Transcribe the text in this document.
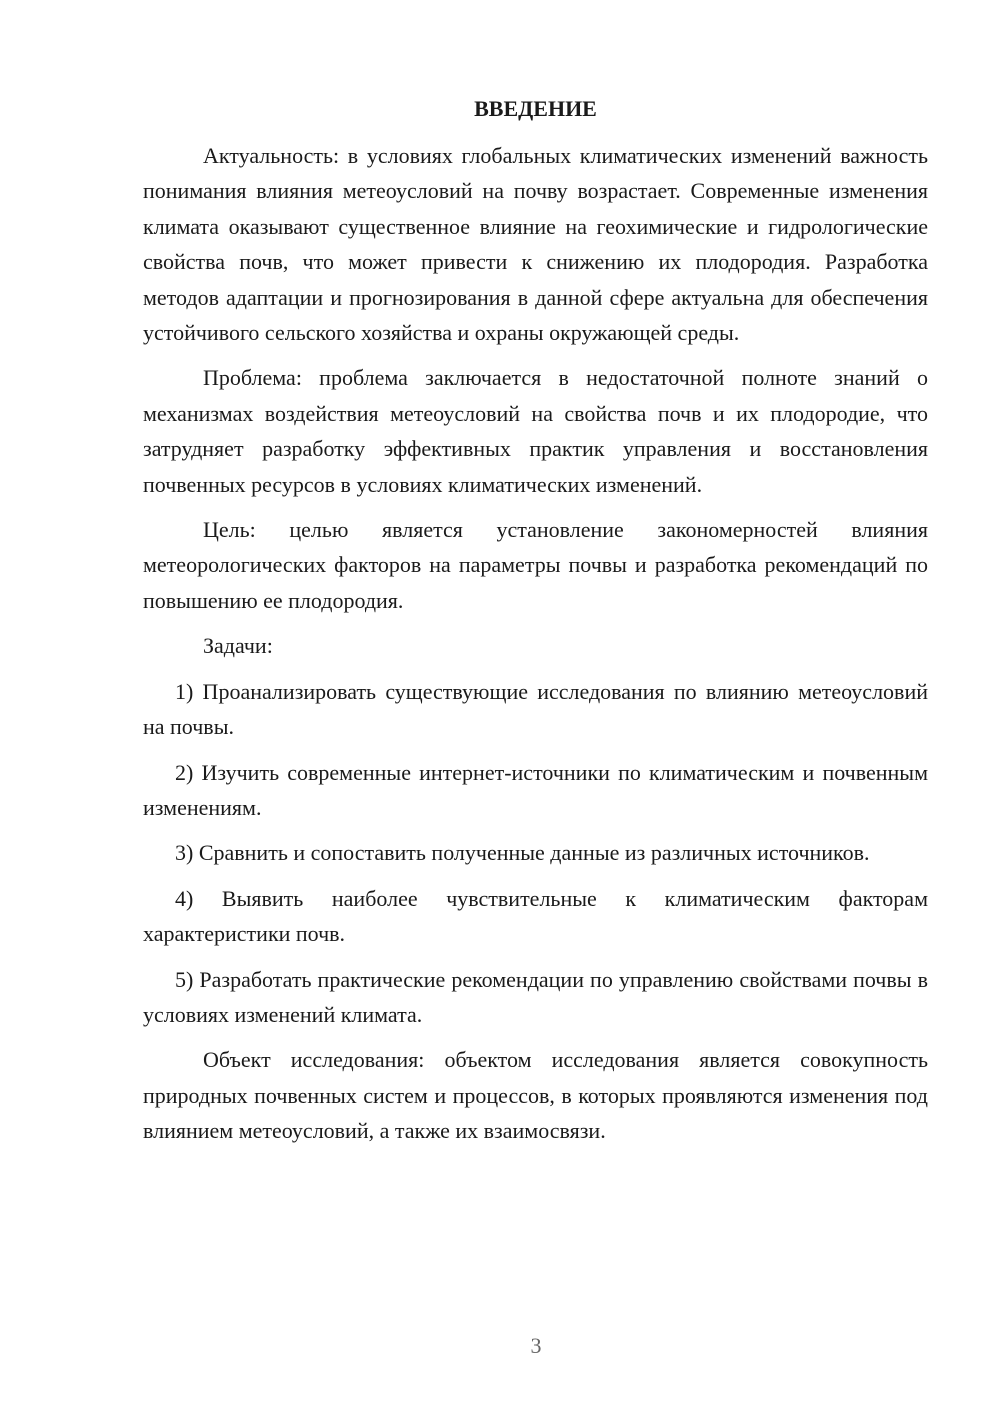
ВВЕДЕНИЕ

Актуальность: в условиях глобальных климатических изменений важность понимания влияния метеоусловий на почву возрастает. Современные изменения климата оказывают существенное влияние на геохимические и гидрологические свойства почв, что может привести к снижению их плодородия. Разработка методов адаптации и прогнозирования в данной сфере актуальна для обеспечения устойчивого сельского хозяйства и охраны окружающей среды.

Проблема: проблема заключается в недостаточной полноте знаний о механизмах воздействия метеоусловий на свойства почв и их плодородие, что затрудняет разработку эффективных практик управления и восстановления почвенных ресурсов в условиях климатических изменений.

Цель: целью является установление закономерностей влияния метеорологических факторов на параметры почвы и разработка рекомендаций по повышению ее плодородия.

Задачи:

1) Проанализировать существующие исследования по влиянию метеоусловий на почвы.

2) Изучить современные интернет-источники по климатическим и почвенным изменениям.

3) Сравнить и сопоставить полученные данные из различных источников.

4) Выявить наиболее чувствительные к климатическим факторам характеристики почв.

5) Разработать практические рекомендации по управлению свойствами почвы в условиях изменений климата.

Объект исследования: объектом исследования является совокупность природных почвенных систем и процессов, в которых проявляются изменения под влиянием метеоусловий, а также их взаимосвязи.

3
